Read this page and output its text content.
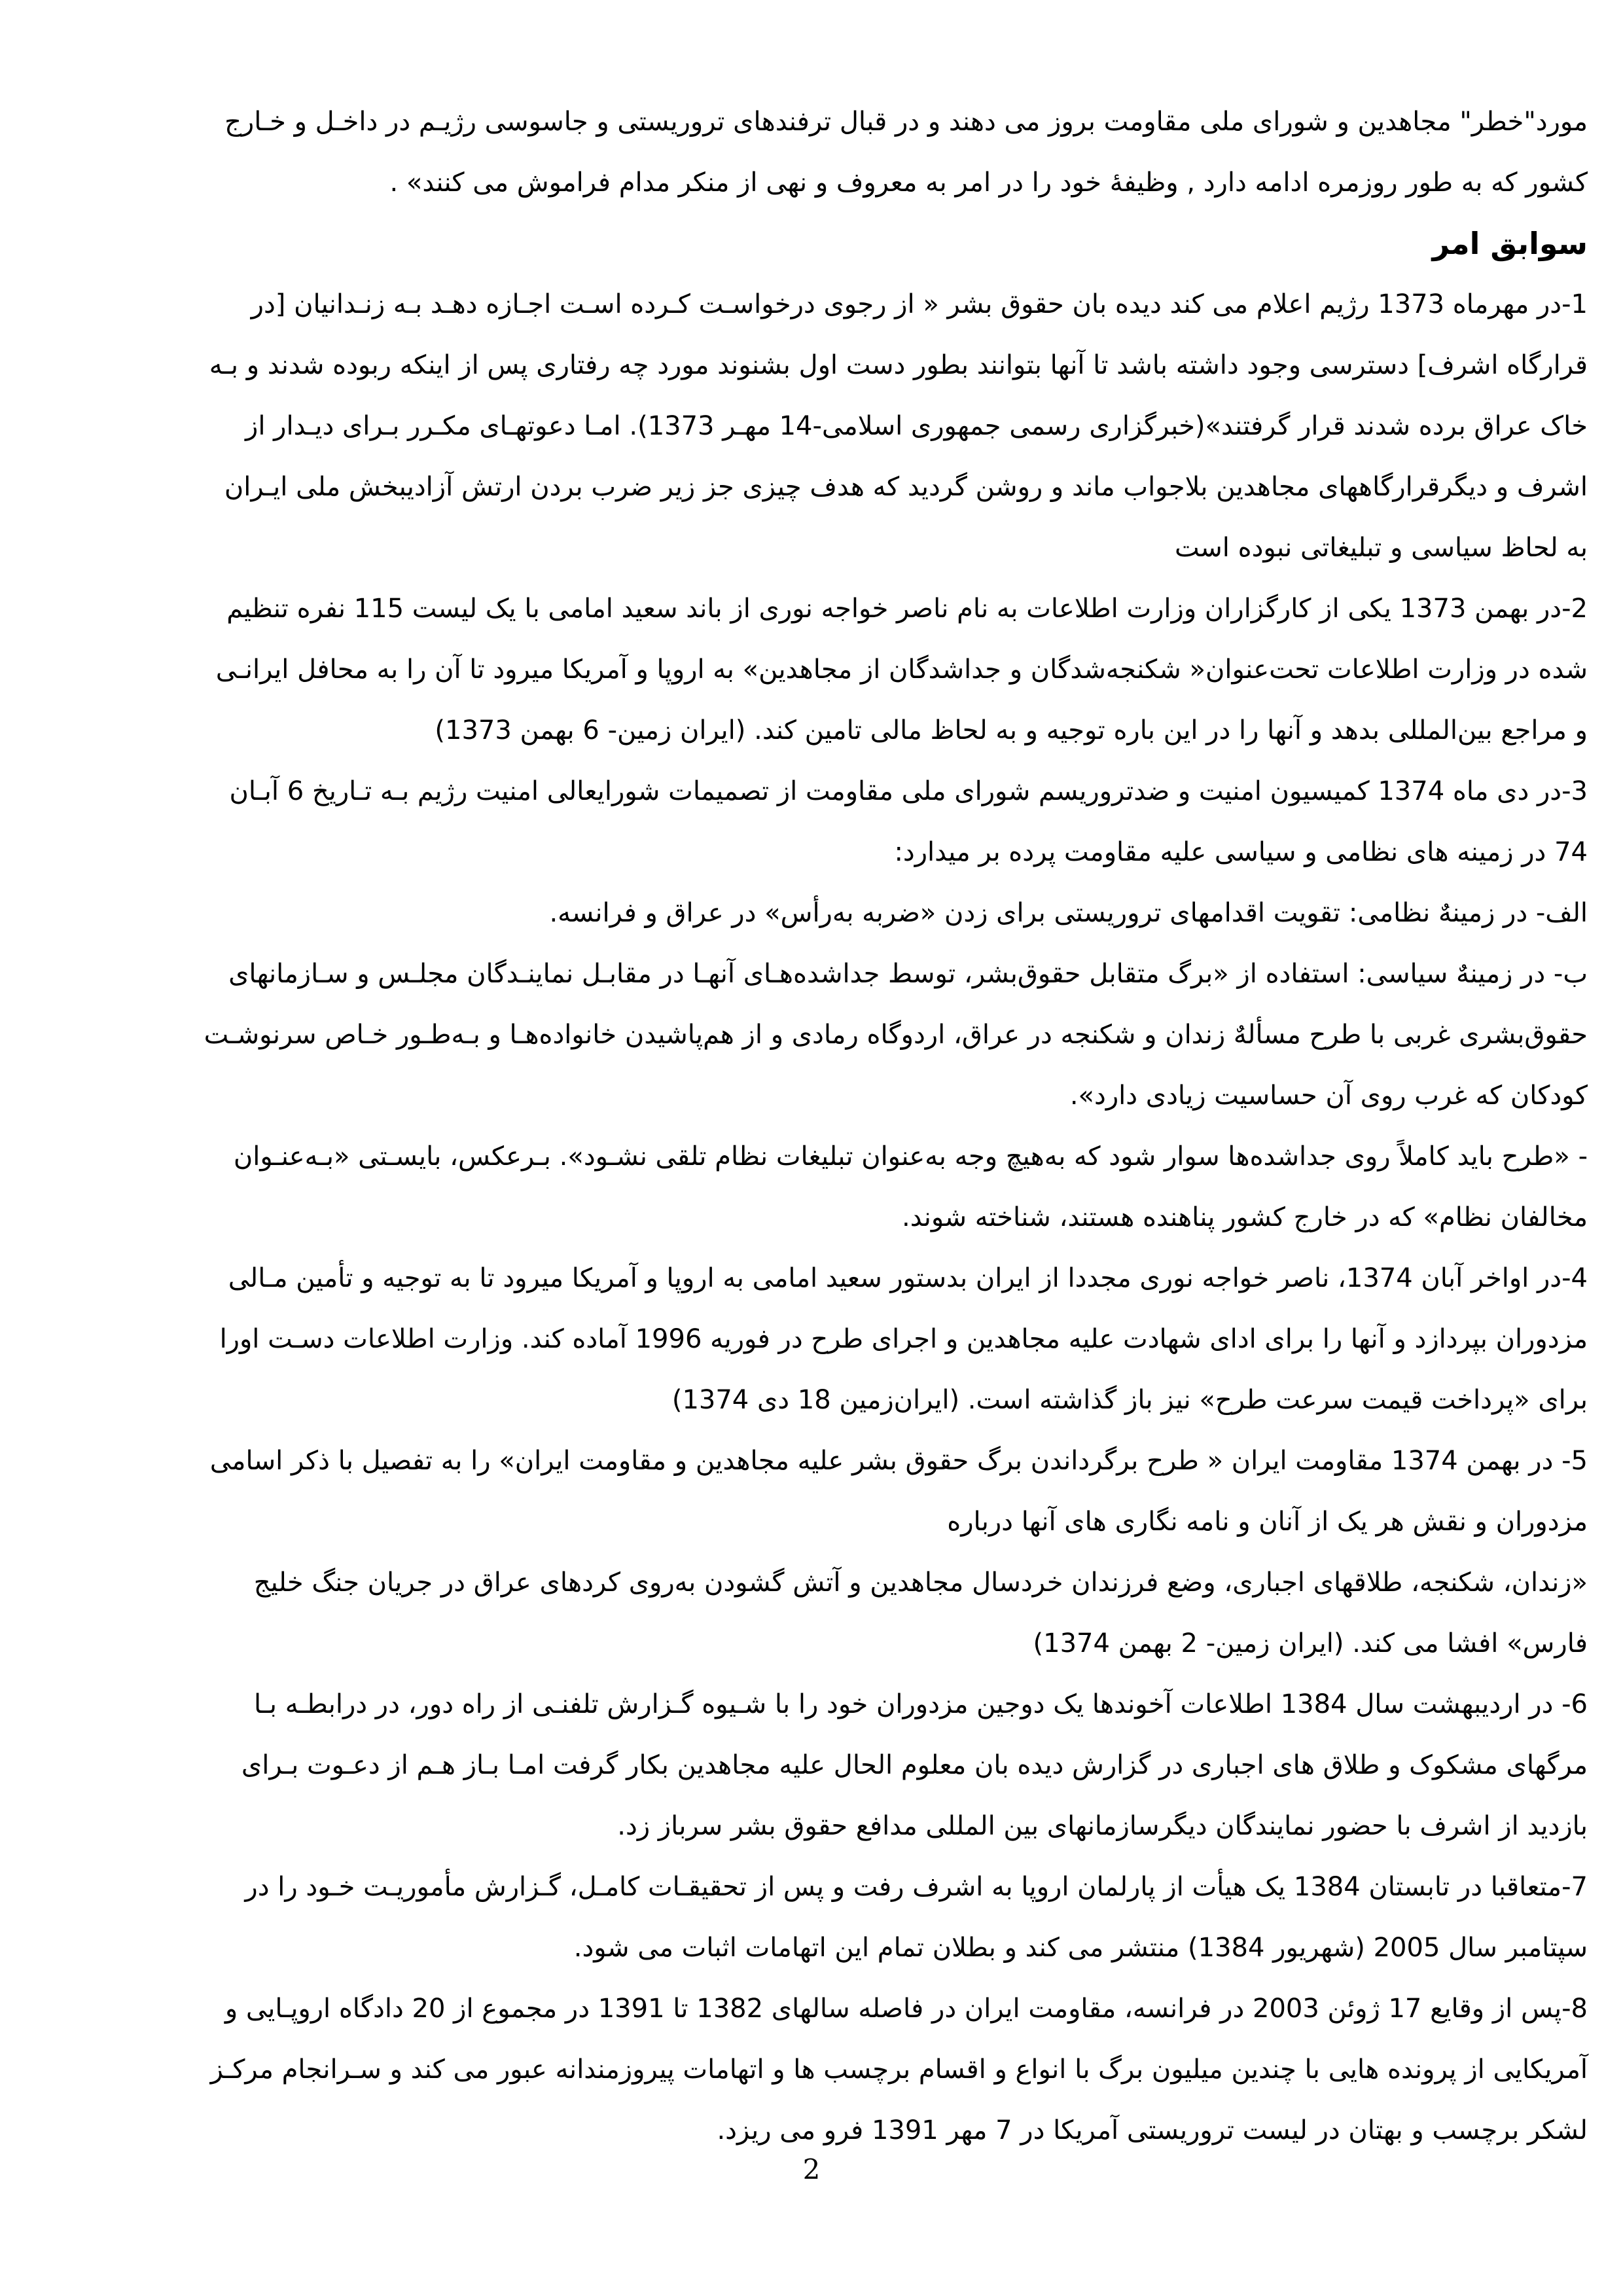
مورد"خطر" مجاهدین و شورای ملی مقاومت بروز می دهند و در قبال ترفندهای تروریستی و جاسوسی رژیـم در داخـل و خـارج

کشور که به طور روزمره ادامه دارد , وظیفۀ خود را در امر به معروف و نهی از منکر مدام فراموش می کنند» .

سوابق امر

1-در مهرماه 1373 رژیم اعلام می کند دیده بان حقوق بشر « از رجوی درخواسـت کـرده اسـت اجـازه دهـد بـه زنـدانیان [در

قرارگاه اشرف] دسترسی وجود داشته باشد تا آنها بتوانند بطور دست اول بشنوند مورد چه رفتاری پس از اینکه ربوده شدند و بـه

خاک عراق برده شدند قرار گرفتند»(خبرگزاری رسمی جمهوری اسلامی-14 مهـر 1373). امـا دعوتهـای مکـرر بـرای دیـدار از

اشرف و دیگرقرارگاههای مجاهدین بلاجواب ماند و روشن گردید که هدف چیزی جز زیر ضرب بردن ارتش آزادیبخش ملی ایـران

به لحاظ سیاسی و تبلیغاتی نبوده است

2-در بهمن 1373 یکی از کارگزاران وزارت اطلاعات به نام ناصر خواجه نوری از باند سعید امامی با یک لیست 115 نفره تنظیم

شده در وزارت اطلاعات تحت‌عنوان« شکنجه‌شدگان و جداشدگان از مجاهدین» به اروپا و آمریکا میرود تا آن را به محافل ایرانـی

و مراجع بین‌المللی بدهد و آنها را در این باره توجیه و به لحاظ مالی تامین کند. (ایران زمین- 6 بهمن 1373)

3-در دی ماه 1374 کمیسیون امنیت و ضدتروریسم شورای ملی مقاومت از تصمیمات شورایعالی امنیت رژیم بـه تـاریخ 6 آبـان

74 در زمینه های نظامی و سیاسی علیه مقاومت پرده بر میدارد:

الف- در زمینهٌ نظامی: تقویت اقدامهای تروریستی برای زدن «ضربه به‌رأس» در عراق و فرانسه.

ب- در زمینهٌ سیاسی: استفاده از «برگ متقابل حقوق‌بشر، توسط جداشده‌هـای آنهـا در مقابـل نماینـدگان مجلـس و سـازمانهای

حقوق‌بشری غربی با طرح مسألهٌ زندان و شکنجه در عراق، اردوگاه رمادی و از هم‌پاشیدن خانواده‌هـا و بـه‌طـور خـاص سرنوشـت

کودکان که غرب روی آن حساسیت زیادی دارد».

- «طرح باید کاملاً روی جداشده‌ها سوار شود که به‌هیچ وجه به‌عنوان تبلیغات نظام تلقی نشـود». بـرعکس، بایسـتی «بـه‌عنـوان

مخالفان نظام» که در خارج کشور پناهنده هستند، شناخته شوند.

4-در اواخر آبان 1374، ناصر خواجه نوری مجددا از ایران بدستور سعید امامی به اروپا و آمریکا میرود تا به توجیه و تأمین مـالی

مزدوران بپردازد و آنها را برای ادای شهادت علیه مجاهدین و اجرای طرح در فوریه 1996 آماده کند. وزارت اطلاعات دسـت اورا

برای «پرداخت قیمت سرعت طرح» نیز باز گذاشته است. (ایران‌زمین 18 دی 1374)

5- در بهمن 1374 مقاومت ایران « طرح برگرداندن برگ حقوق بشر علیه مجاهدین و مقاومت ایران» را به تفصیل با ذکر اسامی

مزدوران و نقش هر یک از آنان و نامه نگاری های آنها درباره

«زندان، شکنجه، طلاقهای اجباری، وضع فرزندان خردسال مجاهدین و آتش گشودن به‌روی کردهای عراق در جریان جنگ خلیج

فارس» افشا می کند. (ایران زمین- 2 بهمن 1374)

6- در اردیبهشت سال 1384 اطلاعات آخوندها یک دوجین مزدوران خود را با شـیوه گـزارش تلفنـی از راه دور، در درابطـه بـا

مرگهای مشکوک و طلاق های اجباری در گزارش دیده بان معلوم الحال علیه مجاهدین بکار گرفت امـا بـاز هـم از دعـوت بـرای

بازدید از اشرف با حضور نمایندگان دیگرسازمانهای بین المللی مدافع حقوق بشر سرباز زد.

7-متعاقبا در تابستان 1384 یک هیأت از پارلمان اروپا به اشرف رفت و پس از تحقیقـات کامـل، گـزارش مأموریـت خـود را در

سپتامبر سال 2005 (شهریور 1384) منتشر می کند و بطلان تمام این اتهامات اثبات می شود.

8-پس از وقایع 17 ژوئن 2003 در فرانسه، مقاومت ایران در فاصله سالهای 1382 تا 1391 در مجموع از 20 دادگاه اروپـایی و

آمریکایی از پرونده هایی با چندین میلیون برگ با انواع و اقسام برچسب ها و اتهامات پیروزمندانه عبور می کند و سـرانجام مرکـز

لشکر برچسب و بهتان در لیست تروریستی آمریکا در 7 مهر 1391 فرو می ریزد.

2
